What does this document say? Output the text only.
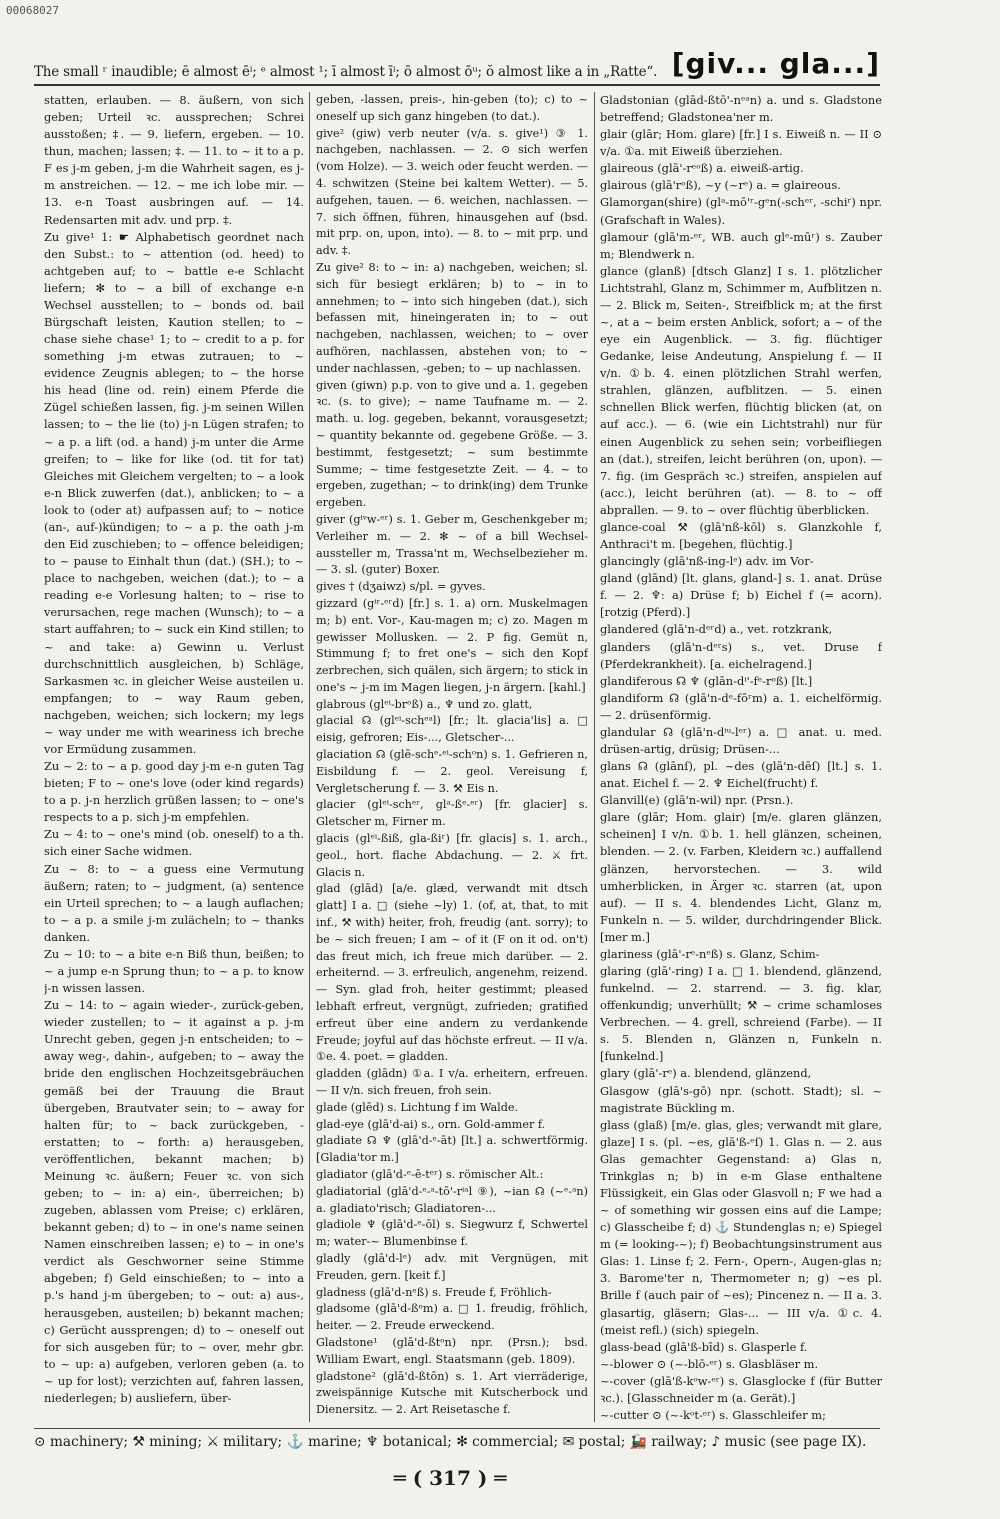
00068027
The small ʳ inaudible; ē almost ēⁱ; ᵉ almost ¹; ī almost īⁱ; ō almost ōᵘ; ŏ almost like a in „Ratte“. [giv... gla...]

statten, erlauben. — 8. äußern, von sich geben; Urteil ꝛc. aussprechen; Schrei ausstoßen; ‡. — 9. liefern, ergeben. — 10. thun, machen; lassen; ‡. — 11. to ~ it to a p. F es j-m geben, j-m die Wahrheit sagen, es j-m anstreichen. — 12. ~ me ich lobe mir. — 13. e-n Toast ausbringen auf. — 14. Redensarten mit adv. und prp. ‡.

Zu give¹ 1: ☛ Alphabetisch geordnet nach den Subst.: to ~ attention (od. heed) to achtgeben auf; to ~ battle e-e Schlacht liefern; ✻ to ~ a bill of exchange e-n Wechsel ausstellen; to ~ bonds od. bail Bürgschaft leisten, Kaution stellen; to ~ chase siehe chase¹ 1; to ~ credit to a p. for something j-m etwas zutrauen; to ~ evidence Zeugnis ablegen; to ~ the horse his head (line od. rein) einem Pferde die Zügel schießen lassen, fig. j-m seinen Willen lassen; to ~ the lie (to) j-n Lügen strafen; to ~ a p. a lift (od. a hand) j-m unter die Arme greifen; to ~ like for like (od. tit for tat) Gleiches mit Gleichem vergelten; to ~ a look e-n Blick zuwerfen (dat.), anblicken; to ~ a look to (oder at) aufpassen auf; to ~ notice (an-, auf-)kündigen; to ~ a p. the oath j-m den Eid zuschieben; to ~ offence beleidigen; to ~ pause to Einhalt thun (dat.) (SH.); to ~ place to nachgeben, weichen (dat.); to ~ a reading e-e Vorlesung halten; to ~ rise to verursachen, rege machen (Wunsch); to ~ a start auffahren; to ~ suck ein Kind stillen; to ~ and take: a) Gewinn u. Verlust durchschnittlich ausgleichen, b) Schläge, Sarkasmen ꝛc. in gleicher Weise austeilen u. empfangen; to ~ way Raum geben, nachgeben, weichen; sich lockern; my legs ~ way under me with weariness ich breche vor Ermüdung zusammen.

Zu ~ 2: to ~ a p. good day j-m e-n guten Tag bieten; F to ~ one's love (oder kind regards) to a p. j-n herzlich grüßen lassen; to ~ one's respects to a p. sich j-m empfehlen.

Zu ~ 4: to ~ one's mind (ob. oneself) to a th. sich einer Sache widmen.

Zu ~ 8: to ~ a guess eine Vermutung äußern; raten; to ~ judgment, (a) sentence ein Urteil sprechen; to ~ a laugh auflachen; to ~ a p. a smile j-m zulächeln; to ~ thanks danken.

Zu ~ 10: to ~ a bite e-n Biß thun, beißen; to ~ a jump e-n Sprung thun; to ~ a p. to know j-n wissen lassen.

Zu ~ 14: to ~ again wieder-, zurück-geben, wieder zustellen; to ~ it against a p. j-m Unrecht geben, gegen j-n entscheiden; to ~ away weg-, dahin-, aufgeben; to ~ away the bride den englischen Hochzeitsgebräuchen gemäß bei der Trauung die Braut übergeben, Brautvater sein; to ~ away for halten für; to ~ back zurückgeben, -erstatten; to ~ forth: a) herausgeben, veröffentlichen, bekannt machen; b) Meinung ꝛc. äußern; Feuer ꝛc. von sich geben; to ~ in: a) ein-, überreichen; b) zugeben, ablassen vom Preise; c) erklären, bekannt geben; d) to ~ in one's name seinen Namen einschreiben lassen; e) to ~ in one's verdict als Geschworner seine Stimme abgeben; f) Geld einschießen; to ~ into a p.'s hand j-m übergeben; to ~ out: a) aus-, herausgeben, austeilen; b) bekannt machen; c) Gerücht aussprengen; d) to ~ oneself out for sich ausgeben für; to ~ over, mehr gbr. to ~ up: a) aufgeben, verloren geben (a. to ~ up for lost); verzichten auf, fahren lassen, niederlegen; b) ausliefern, über-

geben, -lassen, preis-, hin-geben (to); c) to ~ oneself up sich ganz hingeben (to dat.).

give² (giw) verb neuter (v/a. s. give¹) ③ 1. nachgeben, nachlassen. — 2. ⊙ sich werfen (vom Holze). — 3. weich oder feucht werden. — 4. schwitzen (Steine bei kaltem Wetter). — 5. aufgehen, tauen. — 6. weichen, nachlassen. — 7. sich öffnen, führen, hinausgehen auf (bsd. mit prp. on, upon, into). — 8. to ~ mit prp. und adv. ‡.

Zu give² 8: to ~ in: a) nachgeben, weichen; sl. sich für besiegt erklären; b) to ~ in to annehmen; to ~ into sich hingeben (dat.), sich befassen mit, hineingeraten in; to ~ out nachgeben, nachlassen, weichen; to ~ over aufhören, nachlassen, abstehen von; to ~ under nachlassen, -geben; to ~ up nachlassen.

given (giwn) p.p. von to give und a. 1. gegeben ꝛc. (s. to give); ~ name Taufname m. — 2. math. u. log. gegeben, bekannt, vorausgesetzt; ~ quantity bekannte od. gegebene Größe. — 3. bestimmt, festgesetzt; ~ sum bestimmte Summe; ~ time festgesetzte Zeit. — 4. ~ to ergeben, zugethan; ~ to drink(ing) dem Trunke ergeben.

giver (gⁱᵛw-ᵉʳ) s. 1. Geber m, Geschenkgeber m; Verleiher m. — 2. ✻ ~ of a bill Wechsel-aussteller m, Trassa'nt m, Wechselbezieher m. — 3. sl. (guter) Boxer.

gives † (dʒaiwz) s/pl. = gyves.

gizzard (gⁱʳ-ᵉʳd) [fr.] s. 1. a) orn. Muskelmagen m; b) ent. Vor-, Kau-magen m; c) zo. Magen m gewisser Mollusken. — 2. P fig. Gemüt n, Stimmung f; to fret one's ~ sich den Kopf zerbrechen, sich quälen, sich ärgern; to stick in one's ~ j-m im Magen liegen, j-n ärgern. [kahl.]

glabrous (glᵉⁱ-brᵒß) a., ♆ und zo. glatt,

glacial ☊ (glᵉⁱ-schᵉᵃl) [fr.; lt. glacia'lis] a. □ eisig, gefroren; Eis-..., Gletscher-...

glaciation ☊ (glē-schᵉ-ᵉⁱ-schᵒn) s. 1. Gefrieren n, Eisbildung f. — 2. geol. Vereisung f, Vergletscherung f. — 3. ⚒ Eis n.

glacier (glᵉⁱ-schᵉʳ, glᵃ-ßᵉ-ᵉʳ) [fr. glacier] s. Gletscher m, Firner m.

glacis (glᵉⁱ-ßiß, gla-ßiʳ) [fr. glacis] s. 1. arch., geol., hort. flache Abdachung. — 2. ⚔ frt. Glacis n.

glad (glād) [a/e. glæd, verwandt mit dtsch glatt] I a. □ (siehe ~ly) 1. (of, at, that, to mit inf., ⚒ with) heiter, froh, freudig (ant. sorry); to be ~ sich freuen; I am ~ of it (F on it od. on't) das freut mich, ich freue mich darüber. — 2. erheiternd. — 3. erfreulich, angenehm, reizend. — Syn. glad froh, heiter gestimmt; pleased lebhaft erfreut, vergnügt, zufrieden; gratified erfreut über eine andern zu verdankende Freude; joyful auf das höchste erfreut. — II v/a. ①e. 4. poet. = gladden.

gladden (glādn) ①a. I v/a. erheitern, erfreuen. — II v/n. sich freuen, froh sein.

glade (glēd) s. Lichtung f im Walde.

glad-eye (glā'd-ai) s., orn. Gold-ammer f.

gladiate ☊ ♆ (glā'd-ᵉ-āt) [lt.] a. schwertförmig. [Gladia'tor m.]

gladiator (glā'd-ᵉ-ē-tᵉʳ) s. römischer Alt.:

gladiatorial (glā'd-ᵉ-ᵃ-tō'-rⁱᵃl ⑨), ~ian ☊ (~ᵉ-ᵃn) a. gladiato'risch; Gladiatoren-...

gladiole ♆ (glā'd-ᵉ-ōl) s. Siegwurz f, Schwertel m; water-~ Blumenbinse f.

gladly (glā'd-lᵉ) adv. mit Vergnügen, mit Freuden, gern. [keit f.]

gladness (glā'd-nᵉß) s. Freude f, Fröhlich-

gladsome (glā'd-ßᵒm) a. □ 1. freudig, fröhlich, heiter. — 2. Freude erweckend.

Gladstone¹ (glā'd-ßtᵒn) npr. (Prsn.); bsd. William Ewart, engl. Staatsmann (geb. 1809).

gladstone² (glā'd-ßtōn) s. 1. Art vierräderige, zweispännige Kutsche mit Kutscherbock und Dienersitz. — 2. Art Reisetasche f.

Gladstonian (glād-ßtō'-nᵉᵃn) a. und s. Gladstone betreffend; Gladstonea'ner m.

glair (glār; Hom. glare) [fr.] I s. Eiweiß n. — II ⊙ v/a. ①a. mit Eiweiß überziehen.

glaireous (glā'-rᵉᵒß) a. eiweiß-artig.

glairous (glā'rᵒß), ~y (~rᵉ) a. = glaireous.

Glamorgan(shire) (glᵃ-mō'ʳ-gᵉn(-schᵉʳ, -schiʳ) npr. (Grafschaft in Wales).

glamour (glā'm-ᵉʳ, WB. auch glᵉ-mūʳ) s. Zauber m; Blendwerk n.

glance (glanß) [dtsch Glanz] I s. 1. plötzlicher Lichtstrahl, Glanz m, Schimmer m, Aufblitzen n. — 2. Blick m, Seiten-, Streifblick m; at the first ~, at a ~ beim ersten Anblick, sofort; a ~ of the eye ein Augenblick. — 3. fig. flüchtiger Gedanke, leise Andeutung, Anspielung f. — II v/n. ①b. 4. einen plötzlichen Strahl werfen, strahlen, glänzen, aufblitzen. — 5. einen schnellen Blick werfen, flüchtig blicken (at, on auf acc.). — 6. (wie ein Lichtstrahl) nur für einen Augenblick zu sehen sein; vorbeifliegen an (dat.), streifen, leicht berühren (on, upon). — 7. fig. (im Gespräch ꝛc.) streifen, anspielen auf (acc.), leicht berühren (at). — 8. to ~ off abprallen. — 9. to ~ over flüchtig überblicken.

glance-coal ⚒ (glā'nß-kōl) s. Glanzkohle f, Anthraci't m. [begehen, flüchtig.]

glancingly (glā'nß-ing-lᵉ) adv. im Vor-

gland (glānd) [lt. glans, gland-] s. 1. anat. Drüse f. — 2. ♆: a) Drüse f; b) Eichel f (= acorn). [rotzig (Pferd).]

glandered (glā'n-dᵉʳd) a., vet. rotzkrank,

glanders (glā'n-dᵉʳs) s., vet. Druse f (Pferdekrankheit). [a. eichelragend.]

glandiferous ☊ ♆ (glān-dⁱ'-fᵉ-rᵒß) [lt.]

glandiform ☊ (glā'n-dᵉ-fōʳm) a. 1. eichelförmig. — 2. drüsenförmig.

glandular ☊ (glā'n-dⁱᵘ-lᵉʳ) a. □ anat. u. med. drüsen-artig, drüsig; Drüsen-...

glans ☊ (glānſ), pl. ~des (glā'n-dēſ) [lt.] s. 1. anat. Eichel f. — 2. ♆ Eichel(frucht) f.

Glanvill(e) (glā'n-wil) npr. (Prsn.).

glare (glār; Hom. glair) [m/e. glaren glänzen, scheinen] I v/n. ①b. 1. hell glänzen, scheinen, blenden. — 2. (v. Farben, Kleidern ꝛc.) auffallend glänzen, hervorstechen. — 3. wild umherblicken, in Ärger ꝛc. starren (at, upon auf). — II s. 4. blendendes Licht, Glanz m, Funkeln n. — 5. wilder, durchdringender Blick. [mer m.]

glariness (glā'-rᵉ-nᵉß) s. Glanz, Schim-

glaring (glā'-ring) I a. □ 1. blendend, glänzend, funkelnd. — 2. starrend. — 3. fig. klar, offenkundig; unverhüllt; ⚒ ~ crime schamloses Verbrechen. — 4. grell, schreiend (Farbe). — II s. 5. Blenden n, Glänzen n, Funkeln n. [funkelnd.]

glary (glā'-rᵉ) a. blendend, glänzend,

Glasgow (glā's-gō) npr. (schott. Stadt); sl. ~ magistrate Bückling m.

glass (glaß) [m/e. glas, gles; verwandt mit glare, glaze] I s. (pl. ~es, glā'ß-ᵉſ) 1. Glas n. — 2. aus Glas gemachter Gegenstand: a) Glas n, Trinkglas n; b) in e-m Glase enthaltene Flüssigkeit, ein Glas oder Glasvoll n; F we had a ~ of something wir gossen eins auf die Lampe; c) Glasscheibe f; d) ⚓ Stundenglas n; e) Spiegel m (= looking-~); f) Beobachtungsinstrument aus Glas: 1. Linse f; 2. Fern-, Opern-, Augen-glas n; 3. Barome'ter n, Thermometer n; g) ~es pl. Brille f (auch pair of ~es); Pincenez n. — II a. 3. glasartig, gläsern; Glas-... — III v/a. ①c. 4. (meist refl.) (sich) spiegeln.

glass-bead (glā'ß-bīd) s. Glasperle f.

~-blower ⊙ (~-blō-ᵉʳ) s. Glasbläser m.

~-cover (glā'ß-kᵒw-ᵉʳ) s. Glasglocke f (für Butter ꝛc.). [Glasschneider m (a. Gerät).]

~-cutter ⊙ (~-kᵒt-ᵉʳ) s. Glasschleifer m;

⊙ machinery; ⚒ mining; ⚔ military; ⚓ marine; ♆ botanical; ✻ commercial; ✉ postal; 🚂 railway; ♪ music (see page IX).
═ ( 317 ) ═
